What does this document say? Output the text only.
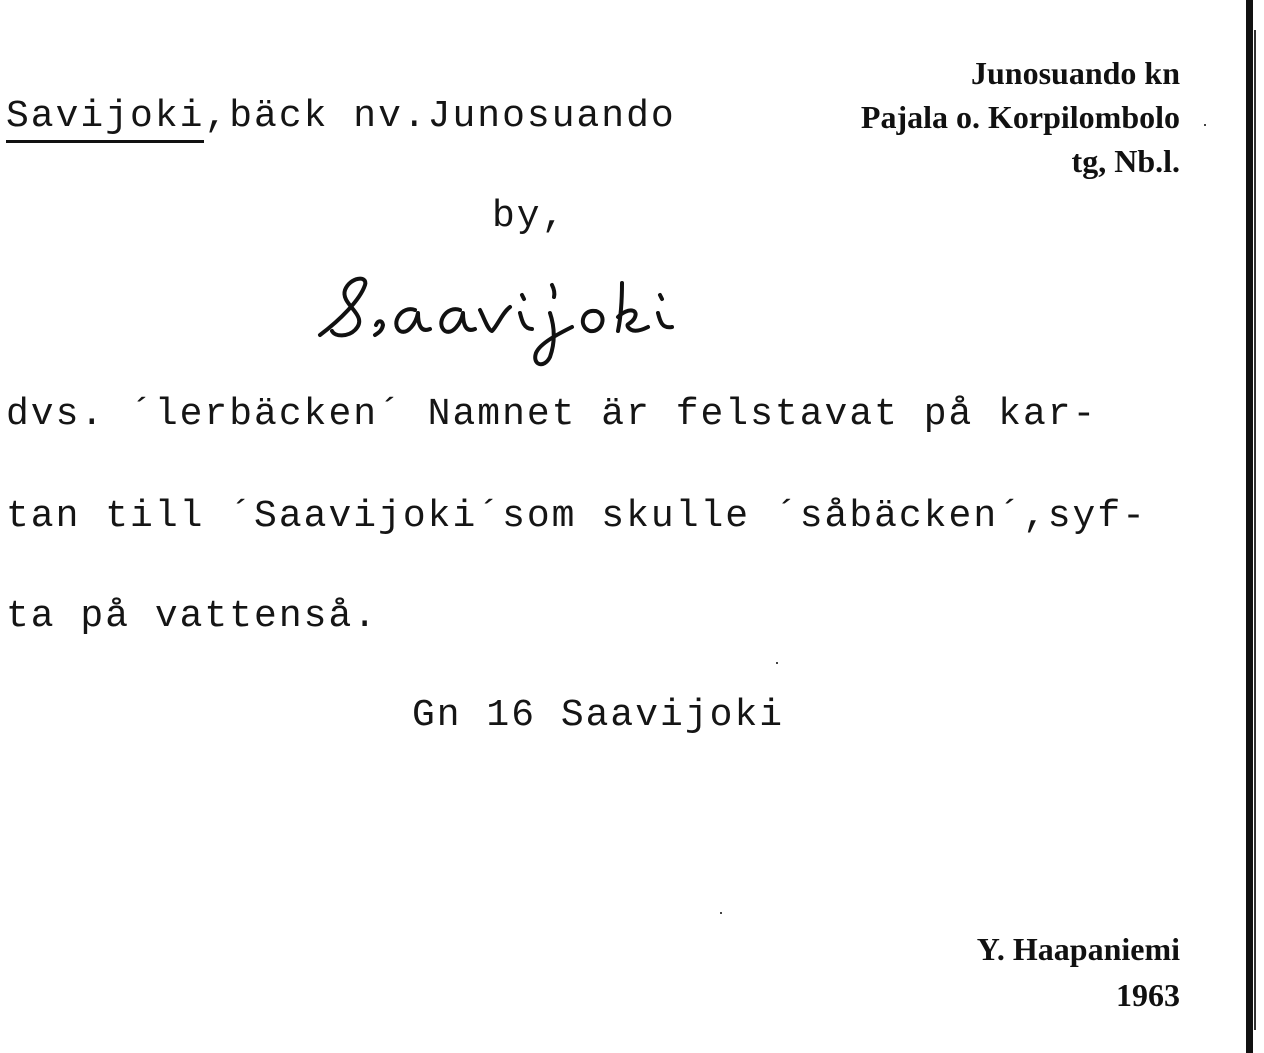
Savijoki,bäck nv.Junosuando
by,
Junosuando kn
Pajala o. Korpilombolo
tg, Nb.l.
dvs. ´lerbäcken´ Namnet är felstavat på kar-
tan till ´Saavijoki´som skulle ´såbäcken´,syf-
ta på vattenså.
Gn 16 Saavijoki
Y. Haapaniemi
1963
